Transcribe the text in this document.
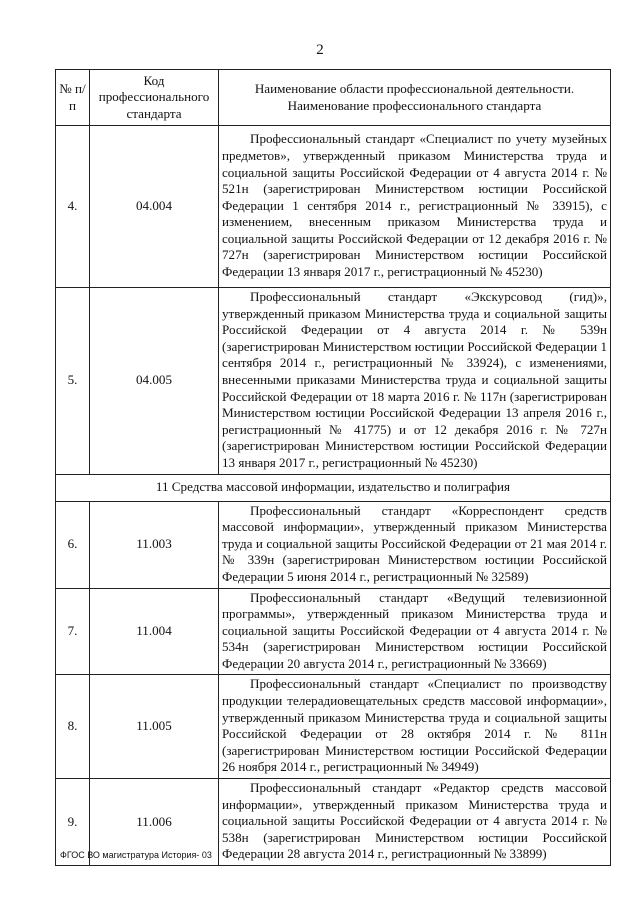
2
№ п/п	Код профессионального стандарта	Наименование области профессиональной деятельности. Наименование профессионального стандарта
4.	04.004	Профессиональный стандарт «Специалист по учету музейных предметов», утвержденный приказом Министерства труда и социальной защиты Российской Федерации от 4 августа 2014 г. № 521н (зарегистрирован Министерством юстиции Российской Федерации 1 сентября 2014 г., регистрационный № 33915), с изменением, внесенным приказом Министерства труда и социальной защиты Российской Федерации от 12 декабря 2016 г. № 727н (зарегистрирован Министерством юстиции Российской Федерации 13 января 2017 г., регистрационный № 45230)
5.	04.005	Профессиональный стандарт «Экскурсовод (гид)», утвержденный приказом Министерства труда и социальной защиты Российской Федерации от 4 августа 2014 г. № 539н (зарегистрирован Министерством юстиции Российской Федерации 1 сентября 2014 г., регистрационный № 33924), с изменениями, внесенными приказами Министерства труда и социальной защиты Российской Федерации от 18 марта 2016 г. № 117н (зарегистрирован Министерством юстиции Российской Федерации 13 апреля 2016 г., регистрационный № 41775) и от 12 декабря 2016 г. № 727н (зарегистрирован Министерством юстиции Российской Федерации 13 января 2017 г., регистрационный № 45230)
11 Средства массовой информации, издательство и полиграфия		
6.	11.003	Профессиональный стандарт «Корреспондент средств массовой информации», утвержденный приказом Министерства труда и социальной защиты Российской Федерации от 21 мая 2014 г. № 339н (зарегистрирован Министерством юстиции Российской Федерации 5 июня 2014 г., регистрационный № 32589)
7.	11.004	Профессиональный стандарт «Ведущий телевизионной программы», утвержденный приказом Министерства труда и социальной защиты Российской Федерации от 4 августа 2014 г. № 534н (зарегистрирован Министерством юстиции Российской Федерации 20 августа 2014 г., регистрационный № 33669)
8.	11.005	Профессиональный стандарт «Специалист по производству продукции телерадиовещательных средств массовой информации», утвержденный приказом Министерства труда и социальной защиты Российской Федерации от 28 октября 2014 г. № 811н (зарегистрирован Министерством юстиции Российской Федерации 26 ноября 2014 г., регистрационный № 34949)
9.	11.006	Профессиональный стандарт «Редактор средств массовой информации», утвержденный приказом Министерства труда и социальной защиты Российской Федерации от 4 августа 2014 г. № 538н (зарегистрирован Министерством юстиции Российской Федерации 28 августа 2014 г., регистрационный № 33899)
ФГОС ВО магистратура История- 03
